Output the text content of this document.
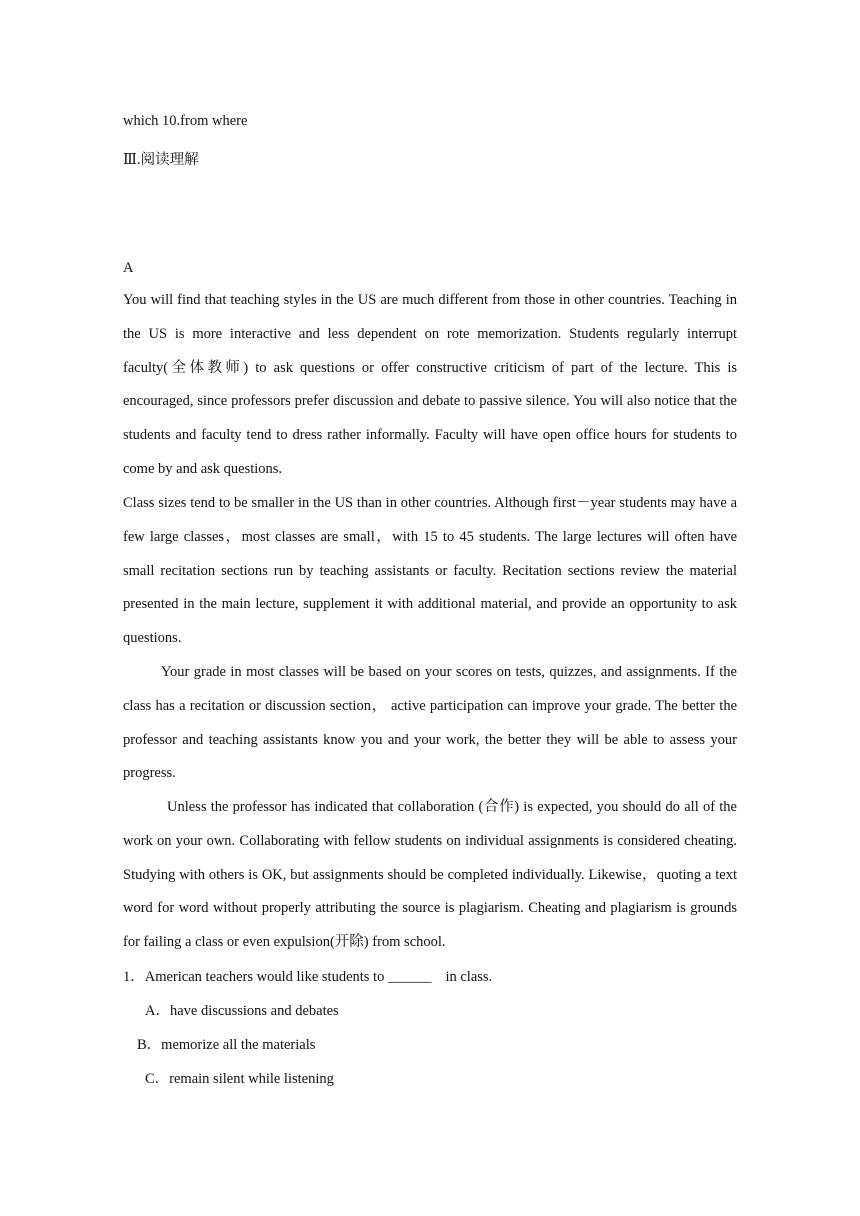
which 10.from where
Ⅲ.阅读理解
A
You will find that teaching styles in the US are much different from those in other countries. Teaching in the US is more interactive and less dependent on rote memorization. Students regularly interrupt faculty(全体教师) to ask questions or offer constructive criticism of part of the lecture. This is encouraged, since professors prefer discussion and debate to passive silence. You will also notice that the students and faculty tend to dress rather informally. Faculty will have open office hours for students to come by and ask questions.
Class sizes tend to be smaller in the US than in other countries. Although first－year students may have a few large classes，most classes are small，with 15 to 45 students. The large lectures will often have small recitation sections run by teaching assistants or faculty. Recitation sections review the material presented in the main lecture, supplement it with additional material, and provide an opportunity to ask questions.
Your grade in most classes will be based on your scores on tests, quizzes, and assignments. If the class has a recitation or discussion section， active participation can improve your grade. The better the professor and teaching assistants know you and your work, the better they will be able to assess your progress.
Unless the professor has indicated that collaboration (合作) is expected, you should do all of the work on your own. Collaborating with fellow students on individual assignments is considered cheating. Studying with others is OK, but assignments should be completed individually. Likewise，quoting a text word for word without properly attributing the source is plagiarism. Cheating and plagiarism is grounds for failing a class or even expulsion(开除) from school.
1．American teachers would like students to ______ in class.
A．have discussions and debates
B．memorize all the materials
C．remain silent while listening
